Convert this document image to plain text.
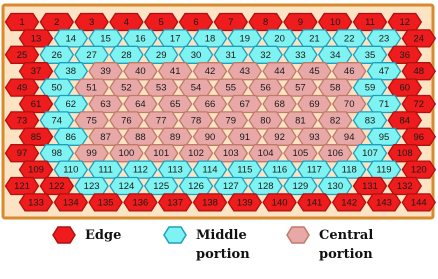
1	2	3	4	5	6	7	8	9	10	11	12
13	14	15	16	17	18	19	20	21	22	23	24
25	26	27	28	29	30	31	32	33	34	35	36
37	38	39	40	41	42	43	44	45	46	47	48
49	50	51	52	53	54	55	56	57	58	59	60
61	62	63	64	65	66	67	68	69	70	71	72
73	74	75	76	77	78	79	80	81	82	83	84
85	86	87	88	89	90	91	92	93	94	95	96
97	98	99 100 101 102 103 104 105 106 107 108
109 110 111 112 113 114 115 116 117 118 119 120
121 122 123 124 125 126 127 128 129 130 131 132
133 134 135 136 137 138 139 140 141 142 143 144
Edge	Middle
portion
Central
portion
